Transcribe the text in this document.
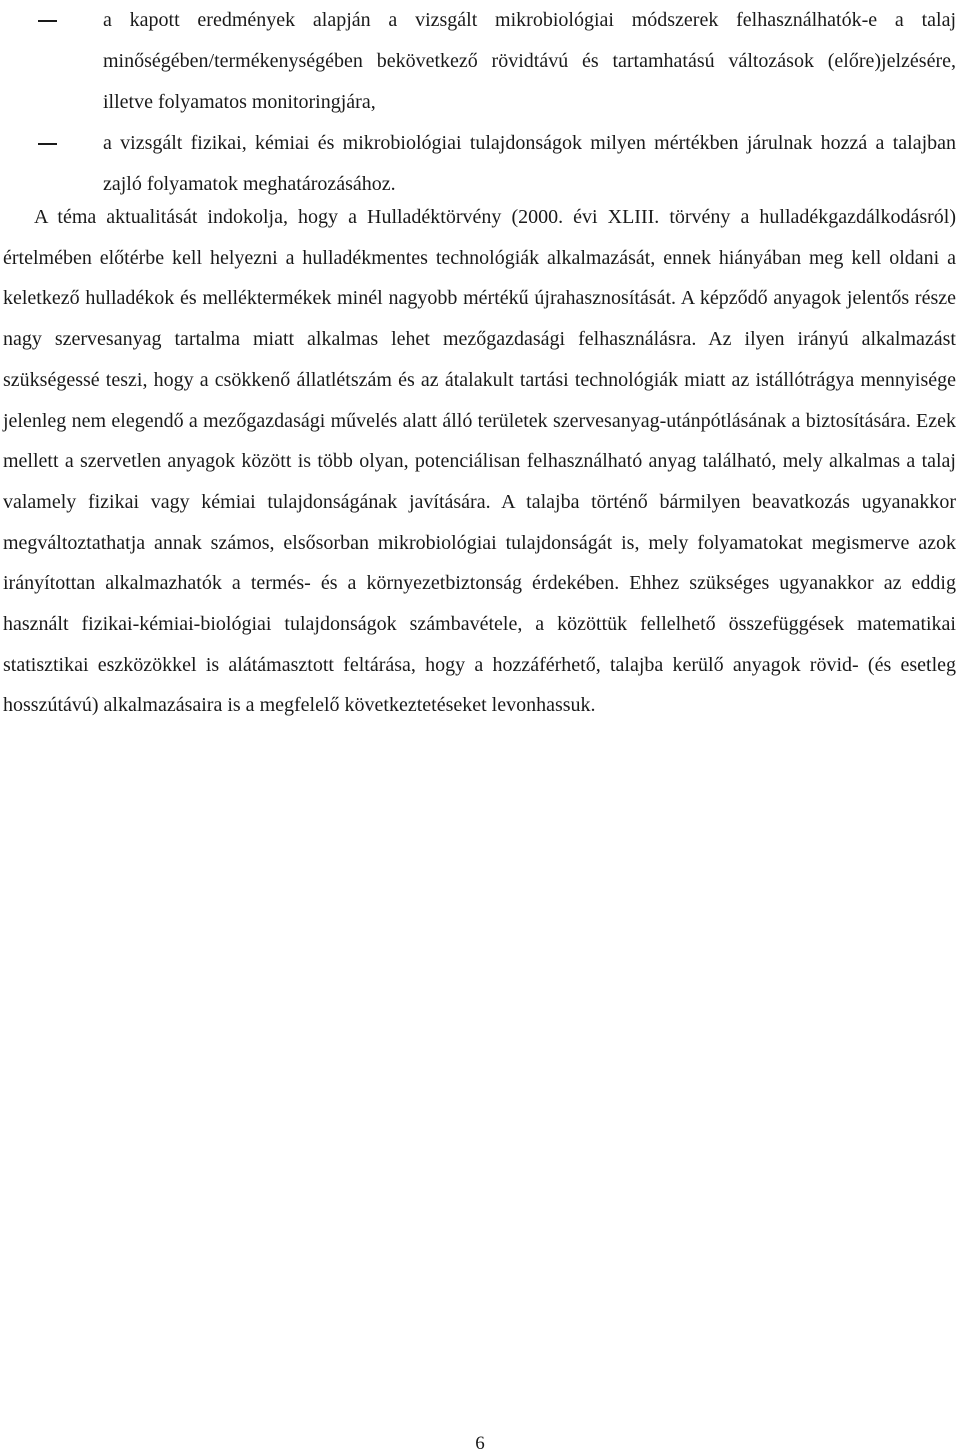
a kapott eredmények alapján a vizsgált mikrobiológiai módszerek felhasználhatók-e a talaj minőségében/termékenységében bekövetkező rövidtávú és tartamhatású változások (előre)jelzésére, illetve folyamatos monitoringjára,
a vizsgált fizikai, kémiai és mikrobiológiai tulajdonságok milyen mértékben járulnak hozzá a talajban zajló folyamatok meghatározásához.

A téma aktualitását indokolja, hogy a Hulladéktörvény (2000. évi XLIII. törvény a hulladékgazdálkodásról) értelmében előtérbe kell helyezni a hulladékmentes technológiák alkalmazását, ennek hiányában meg kell oldani a keletkező hulladékok és melléktermékek minél nagyobb mértékű újrahasznosítását. A képződő anyagok jelentős része nagy szervesanyag tartalma miatt alkalmas lehet mezőgazdasági felhasználásra. Az ilyen irányú alkalmazást szükségessé teszi, hogy a csökkenő állatlétszám és az átalakult tartási technológiák miatt az istállótrágya mennyisége jelenleg nem elegendő a mezőgazdasági művelés alatt álló területek szervesanyag-utánpótlásának a biztosítására. Ezek mellett a szervetlen anyagok között is több olyan, potenciálisan felhasználható anyag található, mely alkalmas a talaj valamely fizikai vagy kémiai tulajdonságának javítására. A talajba történő bármilyen beavatkozás ugyanakkor megváltoztathatja annak számos, elsősorban mikrobiológiai tulajdonságát is, mely folyamatokat megismerve azok irányítottan alkalmazhatók a termés- és a környezetbiztonság érdekében. Ehhez szükséges ugyanakkor az eddig használt fizikai-kémiai-biológiai tulajdonságok számbavétele, a közöttük fellelhető összefüggések matematikai statisztikai eszközökkel is alátámasztott feltárása, hogy a hozzáférhető, talajba kerülő anyagok rövid- (és esetleg hosszútávú) alkalmazásaira is a megfelelő következtetéseket levonhassuk.

6
